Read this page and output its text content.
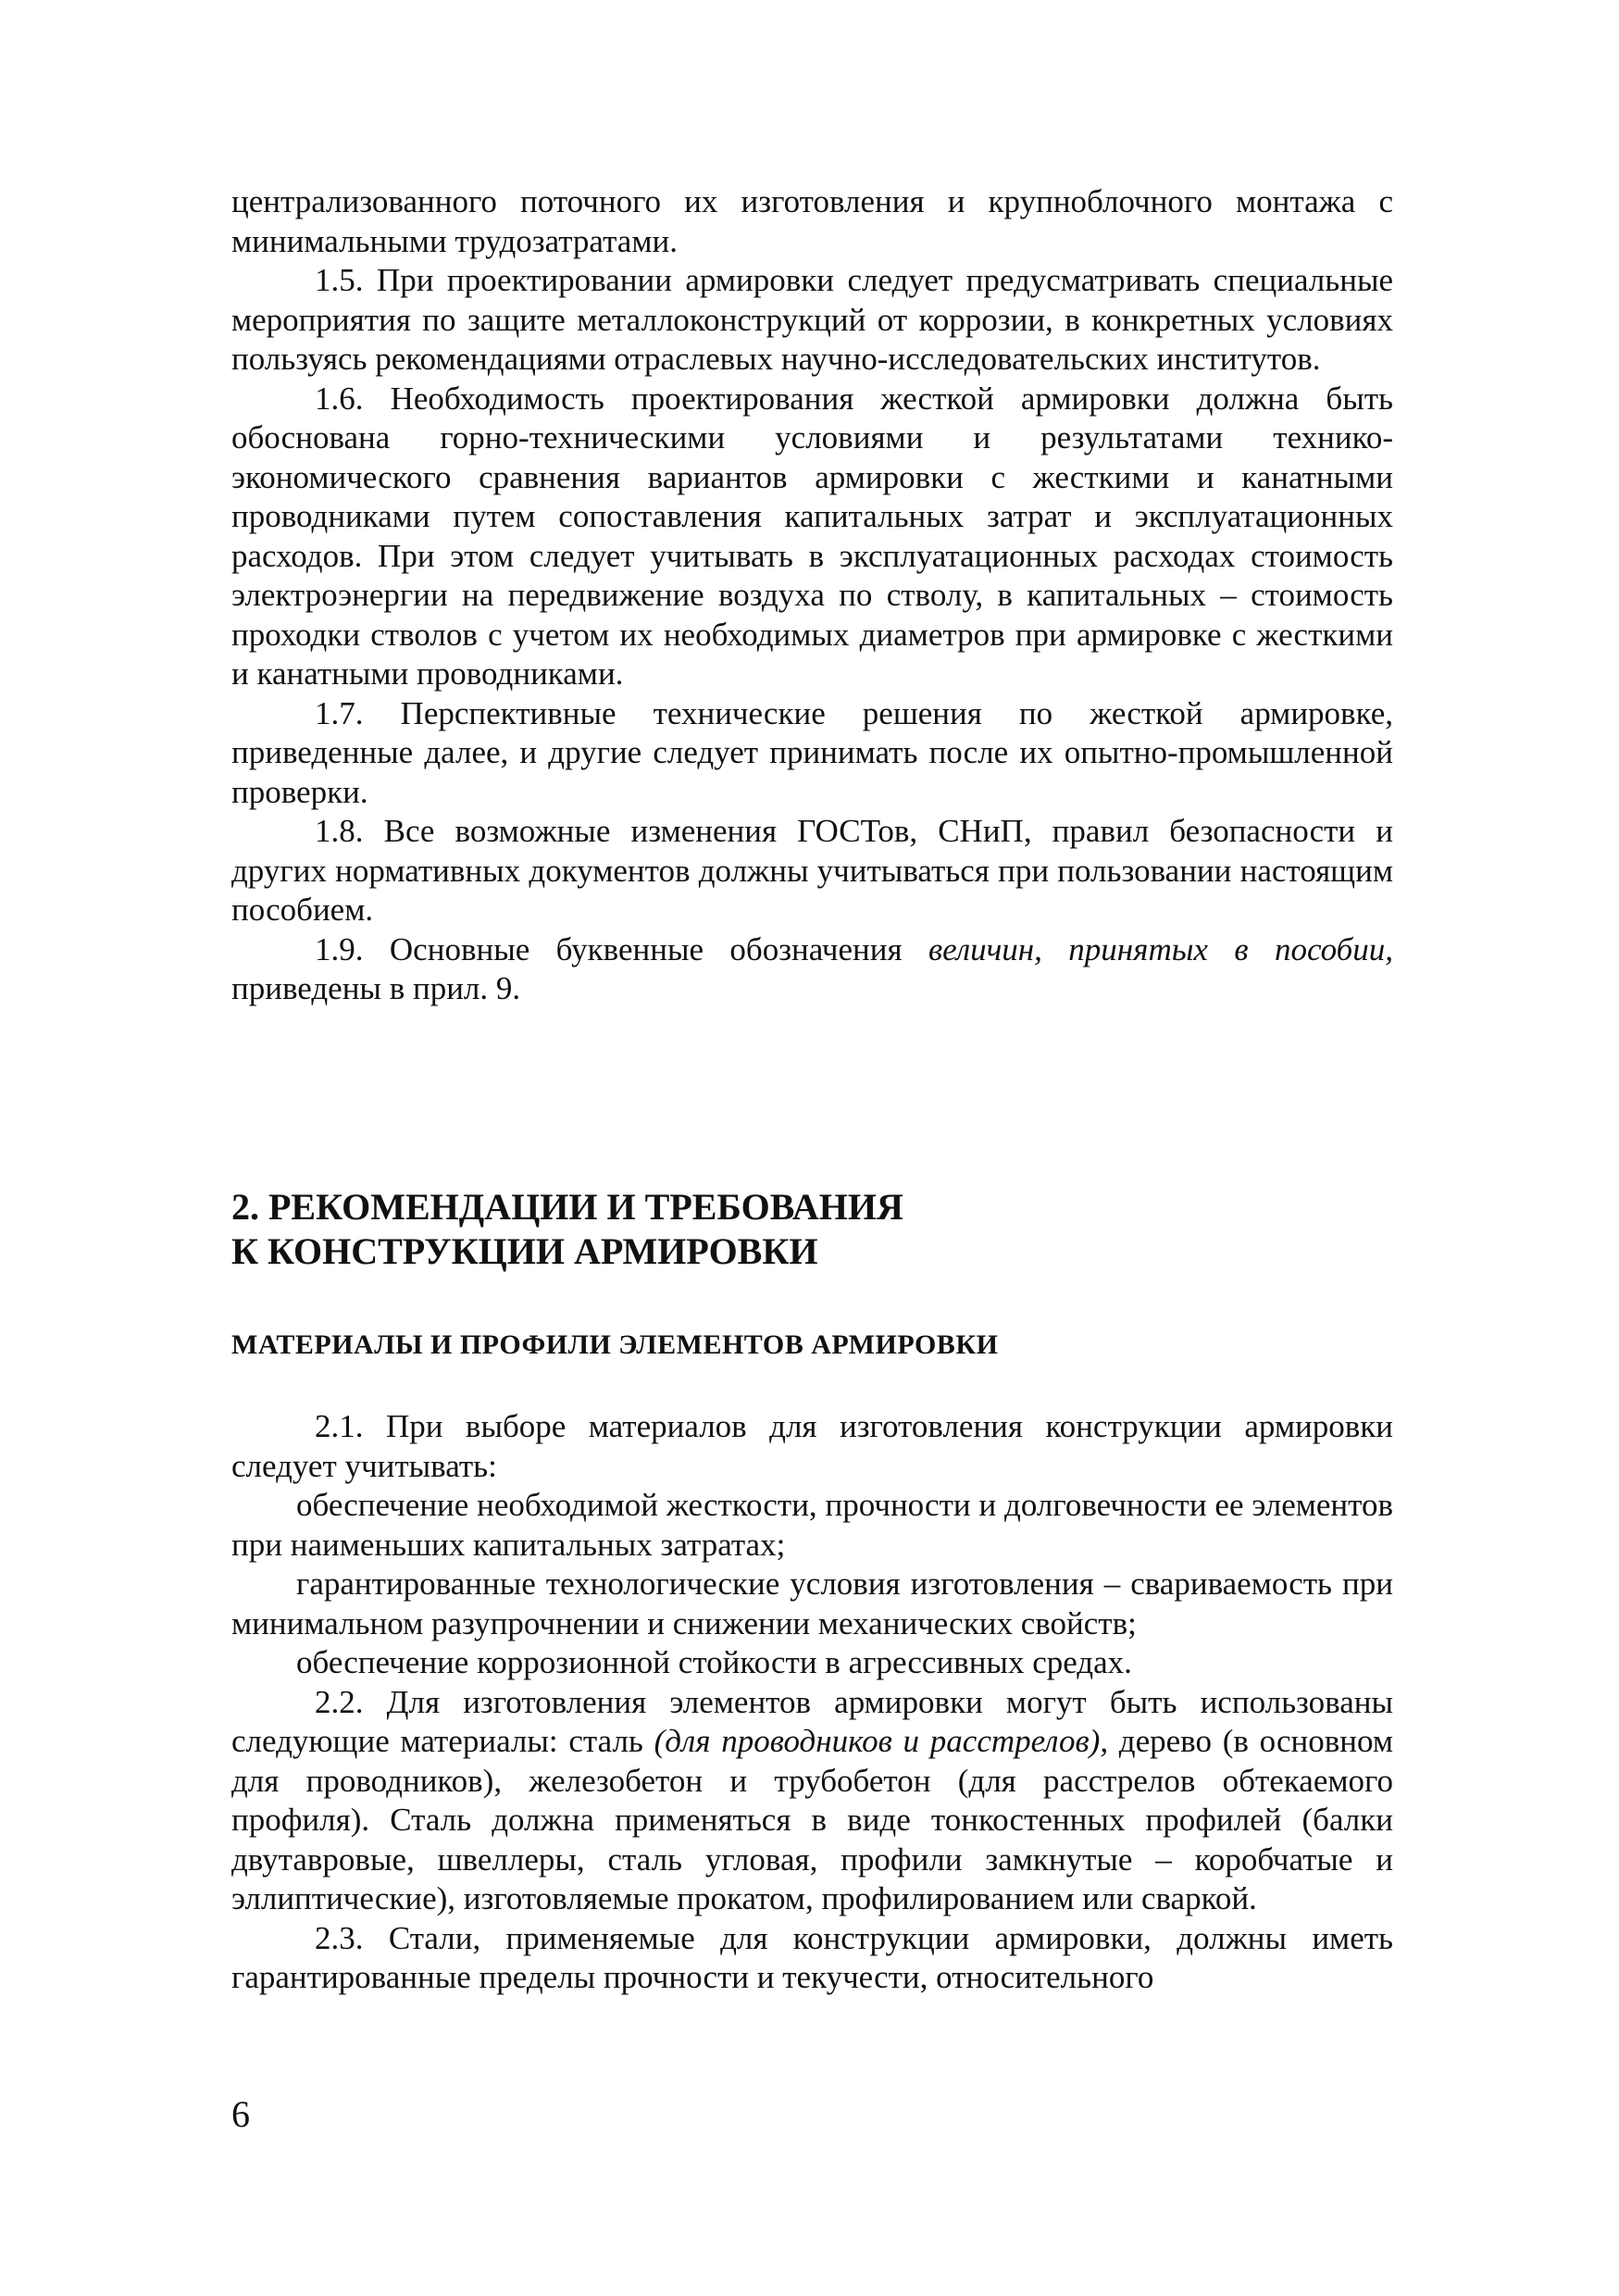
централизованного поточного их изготовления и крупноблочного монтажа с минимальными трудозатратами.

1.5. При проектировании армировки следует предусматривать специальные мероприятия по защите металлоконструкций от коррозии, в конкретных условиях пользуясь рекомендациями отраслевых научно-исследовательских институтов.

1.6. Необходимость проектирования жесткой армировки должна быть обоснована горно-техническими условиями и результатами технико-экономического сравнения вариантов армировки с жесткими и канатными проводниками путем сопоставления капитальных затрат и эксплуатационных расходов. При этом следует учитывать в эксплуатационных расходах стоимость электроэнергии на передвижение воздуха по стволу, в капитальных – стоимость проходки стволов с учетом их необходимых диаметров при армировке с жесткими и канатными проводниками.

1.7. Перспективные технические решения по жесткой армировке, приведенные далее, и другие следует принимать после их опытно-промышленной проверки.

1.8. Все возможные изменения ГОСТов, СНиП, правил безопасности и других нормативных документов должны учитываться при пользовании настоящим пособием.

1.9. Основные буквенные обозначения величин, принятых в пособии, приведены в прил. 9.

2. РЕКОМЕНДАЦИИ И ТРЕБОВАНИЯ
К КОНСТРУКЦИИ АРМИРОВКИ
МАТЕРИАЛЫ И ПРОФИЛИ ЭЛЕМЕНТОВ АРМИРОВКИ

2.1. При выборе материалов для изготовления конструкции армировки следует учитывать:

обеспечение необходимой жесткости, прочности и долговечности ее элементов при наименьших капитальных затратах;

гарантированные технологические условия изготовления – свариваемость при минимальном разупрочнении и снижении механических свойств;

обеспечение коррозионной стойкости в агрессивных средах.

2.2. Для изготовления элементов армировки могут быть использованы следующие материалы: сталь (для проводников и расстрелов), дерево (в основном для проводников), железобетон и трубобетон (для расстрелов обтекаемого профиля). Сталь должна применяться в виде тонкостенных профилей (балки двутавровые, швеллеры, сталь угловая, профили замкнутые – коробчатые и эллиптические), изготовляемые прокатом, профилированием или сваркой.

2.3. Стали, применяемые для конструкции армировки, должны иметь гарантированные пределы прочности и текучести, относительного

6
